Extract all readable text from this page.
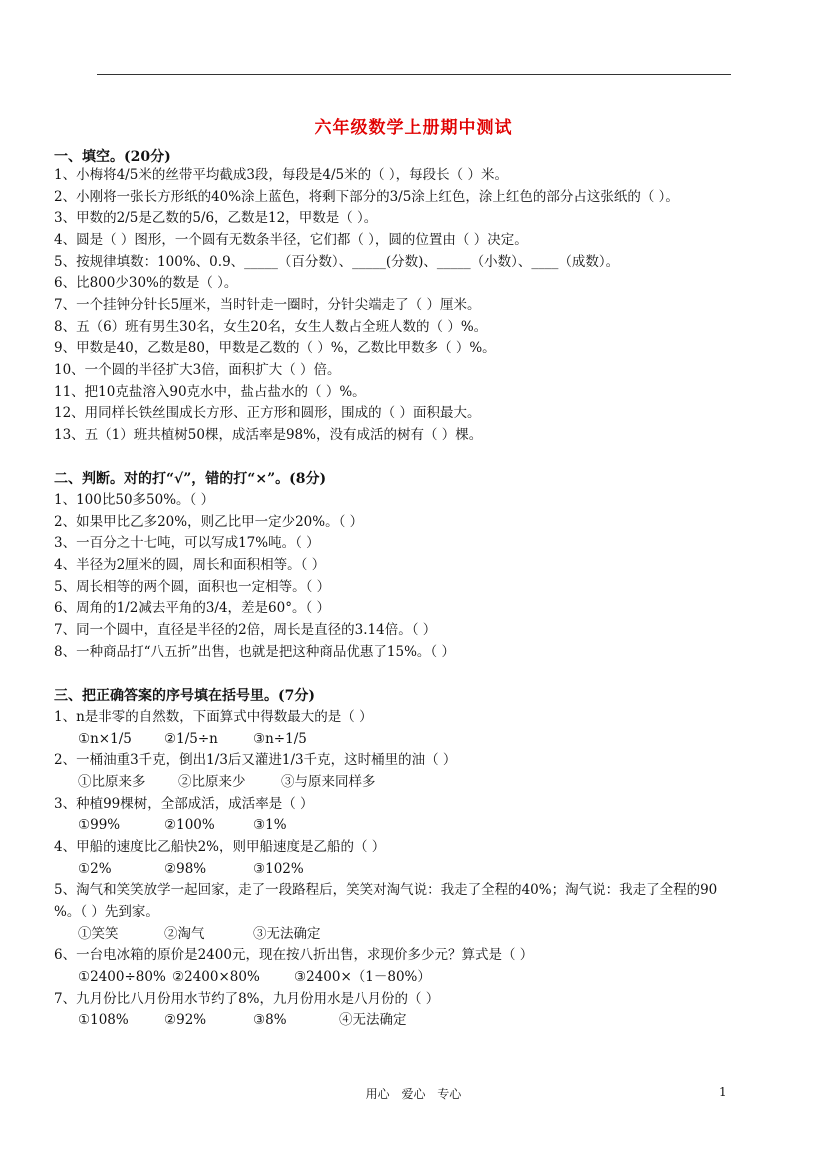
六年级数学上册期中测试
一、填空。(20分)
1、小梅将4/5米的丝带平均截成3段，每段是4/5米的（ ），每段长（ ）米。
2、小刚将一张长方形纸的40%涂上蓝色，将剩下部分的3/5涂上红色，涂上红色的部分占这张纸的（ ）。
3、甲数的2/5是乙数的5/6，乙数是12，甲数是（ ）。
4、圆是（ ）图形，一个圆有无数条半径，它们都（ ），圆的位置由（ ）决定。
5、按规律填数：100%、0.9、_____（百分数）、_____(分数)、_____（小数）、____（成数）。
6、比800少30%的数是（ ）。
7、一个挂钟分针长5厘米，当时针走一圈时，分针尖端走了（ ）厘米。
8、五（6）班有男生30名，女生20名，女生人数占全班人数的（ ）%。
9、甲数是40，乙数是80，甲数是乙数的（ ）%，乙数比甲数多（ ）%。
10、一个圆的半径扩大3倍，面积扩大（ ）倍。
11、把10克盐溶入90克水中，盐占盐水的（ ）%。
12、用同样长铁丝围成长方形、正方形和圆形，围成的（ ）面积最大。
13、五（1）班共植树50棵，成活率是98%，没有成活的树有（ ）棵。
二、判断。对的打“√”，错的打“×”。(8分)
1、100比50多50%。（ ）
2、如果甲比乙多20%，则乙比甲一定少20%。（ ）
3、一百分之十七吨，可以写成17%吨。（ ）
4、半径为2厘米的圆，周长和面积相等。（ ）
5、周长相等的两个圆，面积也一定相等。（ ）
6、周角的1/2减去平角的3/4，差是60°。（ ）
7、同一个圆中，直径是半径的2倍，周长是直径的3.14倍。（ ）
8、一种商品打“八五折”出售，也就是把这种商品优惠了15%。（ ）
三、把正确答案的序号填在括号里。(7分)
1、n是非零的自然数，下面算式中得数最大的是（ ）
①n×1/5 ②1/5÷n	③n÷1/5
2、一桶油重3千克，倒出1/3后又灌进1/3千克，这时桶里的油（ ）
①比原来多 ②比原来少	③与原来同样多
3、种植99棵树，全部成活，成活率是（ ）
①99%	②100%	③1%
4、甲船的速度比乙船快2%，则甲船速度是乙船的（ ）
①2%	②98%	③102%
5、淘气和笑笑放学一起回家，走了一段路程后，笑笑对淘气说：我走了全程的40%；淘气说：我走了全程的90
%。（ ）先到家。
①笑笑	②淘气	③无法确定
6、一台电冰箱的原价是2400元，现在按八折出售，求现价多少元？算式是（ ）
①2400÷80% ②2400×80%	③2400×（1－80%）
7、九月份比八月份用水节约了8%，九月份用水是八月份的（ ）
①108%	②92%	③8%	④无法确定
用心 爱心 专心	1
